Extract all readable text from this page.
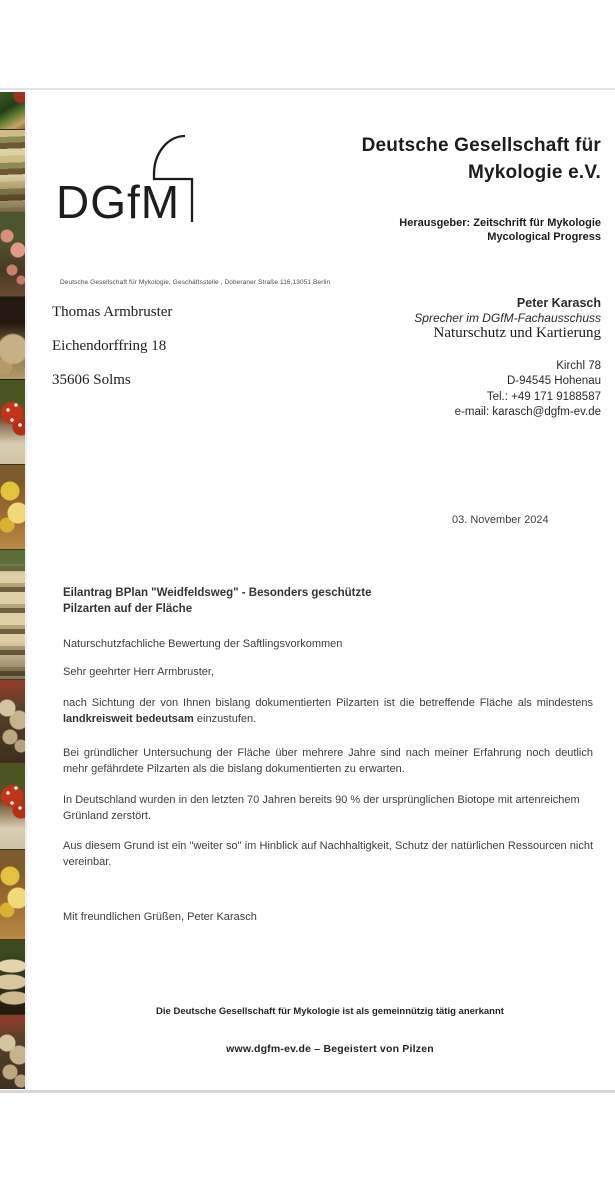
DGfM
Deutsche Gesellschaft für
Mykologie e.V.
Herausgeber: Zeitschrift für Mykologie
Mycological Progress
Deutsche Gesellschaft für Mykologie, Geschäftsstelle , Doberaner Straße 116,13051 Berlin
Thomas Armbruster
Eichendorffring 18
35606 Solms
Peter Karasch
Sprecher im DGfM-Fachausschuss
Naturschutz und Kartierung
Kirchl 78
D-94545 Hohenau
Tel.: +49 171 9188587
e-mail: karasch@dgfm-ev.de
03. November 2024
Eilantrag BPlan "Weidfeldsweg" - Besonders geschützte
Pilzarten auf der Fläche
Naturschutzfachliche Bewertung der Saftlingsvorkommen
Sehr geehrter Herr Armbruster,
nach Sichtung der von Ihnen bislang dokumentierten Pilzarten ist die betreffende Fläche als mindestens landkreisweit bedeutsam einzustufen.
Bei gründlicher Untersuchung der Fläche über mehrere Jahre sind nach meiner Erfahrung noch deutlich mehr gefährdete Pilzarten als die bislang dokumentierten zu erwarten.
In Deutschland wurden in den letzten 70 Jahren bereits 90 % der ursprünglichen Biotope mit artenreichem Grünland zerstört.
Aus diesem Grund ist ein "weiter so" im Hinblick auf Nachhaltigkeit, Schutz der natürlichen Ressourcen nicht vereinbar.
Mit freundlichen Grüßen, Peter Karasch
Die Deutsche Gesellschaft für Mykologie ist als gemeinnützig tätig anerkannt
www.dgfm-ev.de – Begeistert von Pilzen
